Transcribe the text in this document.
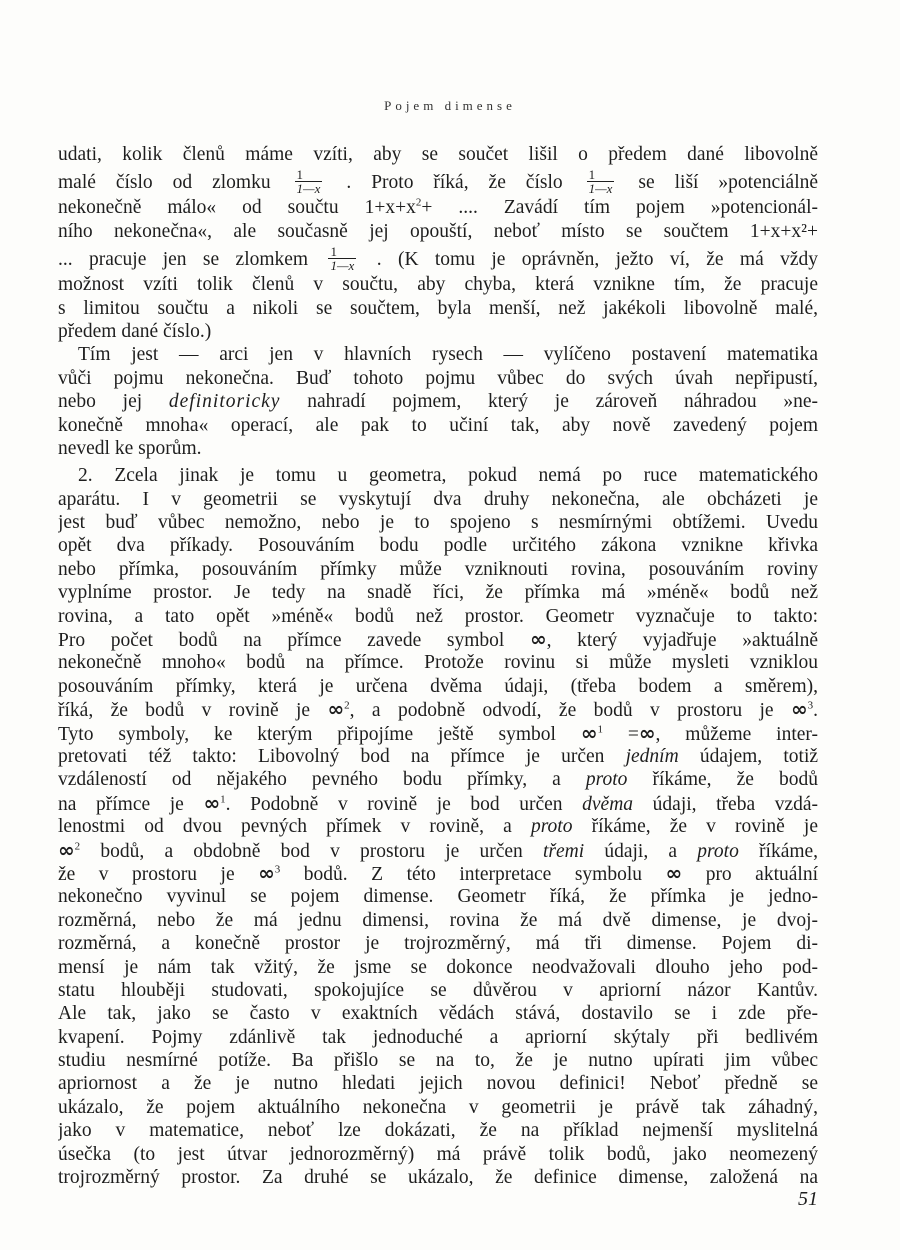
Pojem dimense
udati, kolik členů máme vzíti, aby se součet lišil o předem dané libovolně
malé číslo od zlomku $\frac{1}{1—x}$ . Proto říká, že číslo $\frac{1}{1—x}$ se liší »potenciálně
nekonečně málo« od součtu $1+x+x^2+$ .... Zavádí tím pojem »potencionál-
ního nekonečna«, ale současně jej opouští, neboť místo se součtem 1+x+x²+
... pracuje jen se zlomkem $\frac{1}{1—x}$ . (K tomu je oprávněn, ježto ví, že má vždy
možnost vzíti tolik členů v součtu, aby chyba, která vznikne tím, že pracuje
s limitou součtu a nikoli se součtem, byla menší, než jakékoli libovolně malé,
předem dané číslo.)
Tím jest — arci jen v hlavních rysech — vylíčeno postavení matematika
vůči pojmu nekonečna. Buď tohoto pojmu vůbec do svých úvah nepřipustí,
nebo jej definitoricky nahradí pojmem, který je zároveň náhradou »ne-
konečně mnoha« operací, ale pak to učiní tak, aby nově zavedený pojem
nevedl ke sporům.
2. Zcela jinak je tomu u geometra, pokud nemá po ruce matematického
aparátu. I v geometrii se vyskytují dva druhy nekonečna, ale obcházeti je
jest buď vůbec nemožno, nebo je to spojeno s nesmírnými obtížemi. Uvedu
opět dva příkady. Posouváním bodu podle určitého zákona vznikne křivka
nebo přímka, posouváním přímky může vzniknouti rovina, posouváním roviny
vyplníme prostor. Je tedy na snadě říci, že přímka má »méně« bodů než
rovina, a tato opět »méně« bodů než prostor. Geometr vyznačuje to takto:
Pro počet bodů na přímce zavede symbol ∞, který vyjadřuje »aktuálně
nekonečně mnoho« bodů na přímce. Protože rovinu si může mysleti vzniklou
posouváním přímky, která je určena dvěma údaji, (třeba bodem a směrem),
říká, že bodů v rovině je ∞$^2$, a podobně odvodí, že bodů v prostoru je ∞$^3$.
Tyto symboly, ke kterým připojíme ještě symbol ∞$^1$ =∞, můžeme inter-
pretovati též takto: Libovolný bod na přímce je určen jedním údajem, totiž
vzdáleností od nějakého pevného bodu přímky, a proto říkáme, že bodů
na přímce je ∞$^1$. Podobně v rovině je bod určen dvěma údaji, třeba vzdá-
lenostmi od dvou pevných přímek v rovině, a proto říkáme, že v rovině je
∞$^2$ bodů, a obdobně bod v prostoru je určen třemi údaji, a proto říkáme,
že v prostoru je ∞$^3$ bodů. Z této interpretace symbolu ∞ pro aktuální
nekonečno vyvinul se pojem dimense. Geometr říká, že přímka je jedno-
rozměrná, nebo že má jednu dimensi, rovina že má dvě dimense, je dvoj-
rozměrná, a konečně prostor je trojrozměrný, má tři dimense. Pojem di-
mensí je nám tak vžitý, že jsme se dokonce neodvažovali dlouho jeho pod-
statu hlouběji studovati, spokojujíce se důvěrou v apriorní názor Kantův.
Ale tak, jako se často v exaktních vědách stává, dostavilo se i zde pře-
kvapení. Pojmy zdánlivě tak jednoduché a apriorní skýtaly při bedlivém
studiu nesmírné potíže. Ba přišlo se na to, že je nutno upírati jim vůbec
apriornost a že je nutno hledati jejich novou definici! Neboť předně se
ukázalo, že pojem aktuálního nekonečna v geometrii je právě tak záhadný,
jako v matematice, neboť lze dokázati, že na příklad nejmenší myslitelná
úsečka (to jest útvar jednorozměrný) má právě tolik bodů, jako neomezený
trojrozměrný prostor. Za druhé se ukázalo, že definice dimense, založená na
51
